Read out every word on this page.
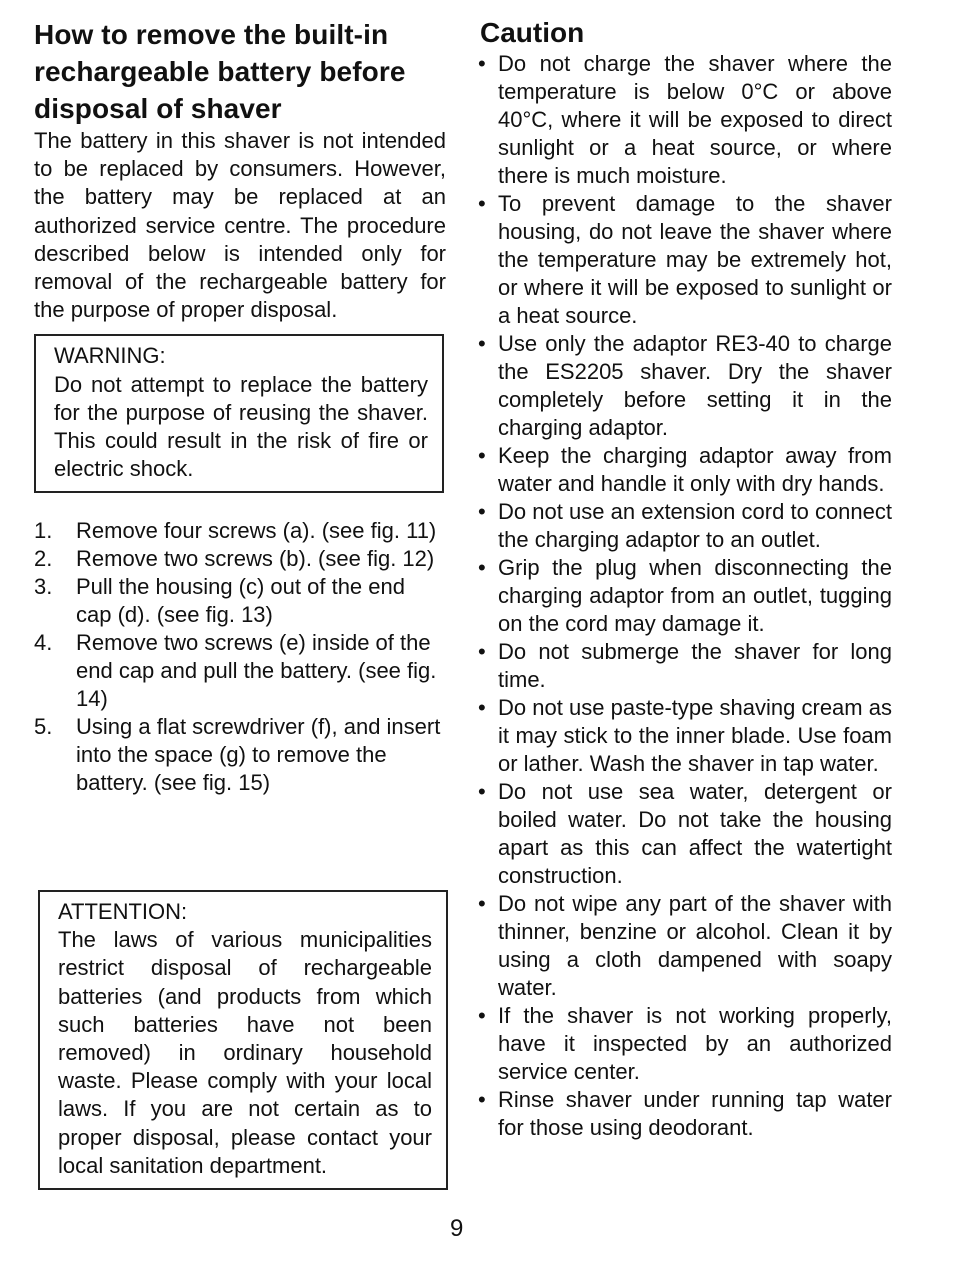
How to remove the built-in rechargeable battery before disposal of shaver

The battery in this shaver is not intended to be replaced by consumers. However, the battery may be replaced at an authorized service centre. The procedure described below is intended only for removal of the rechargeable battery for the purpose of proper disposal.

WARNING:

Do not attempt to replace the battery for the purpose of reusing the shaver. This could result in the risk of fire or electric shock.

1.	Remove four screws (a). (see fig. 11)
2.	Remove two screws (b). (see fig. 12)
3.	Pull the housing (c) out of the end cap (d). (see fig. 13)
4.	Remove two screws (e) inside of the end cap and pull the battery. (see fig. 14)
5.	Using a flat screwdriver (f), and insert into the space (g) to remove the battery. (see fig. 15)

ATTENTION:

The laws of various municipalities restrict disposal of rechargeable batteries (and products from which such batteries have not been removed) in ordinary household waste. Please comply with your local laws. If you are not certain as to proper disposal, please contact your local sanitation department.

Caution
• Do not charge the shaver where the temperature is below 0°C or above 40°C, where it will be exposed to direct sunlight or a heat source, or where there is much moisture.
• To prevent damage to the shaver housing, do not leave the shaver where the temperature may be extremely hot, or where it will be exposed to sunlight or a heat source.
• Use only the adaptor RE3-40 to charge the ES2205 shaver. Dry the shaver completely before setting it in the charging adaptor.
• Keep the charging adaptor away from water and handle it only with dry hands.
• Do not use an extension cord to connect the charging adaptor to an outlet.
• Grip the plug when disconnecting the charging adaptor from an outlet, tugging on the cord may damage it.
• Do not submerge the shaver for long time.
• Do not use paste-type shaving cream as it may stick to the inner blade. Use foam or lather. Wash the shaver in tap water.
• Do not use sea water, detergent or boiled water. Do not take the housing apart as this can affect the watertight construction.
• Do not wipe any part of the shaver with thinner, benzine or alcohol. Clean it by using a cloth dampened with soapy water.
• If the shaver is not working properly, have it inspected by an authorized service center.
• Rinse shaver under running tap water for those using deodorant.
9
